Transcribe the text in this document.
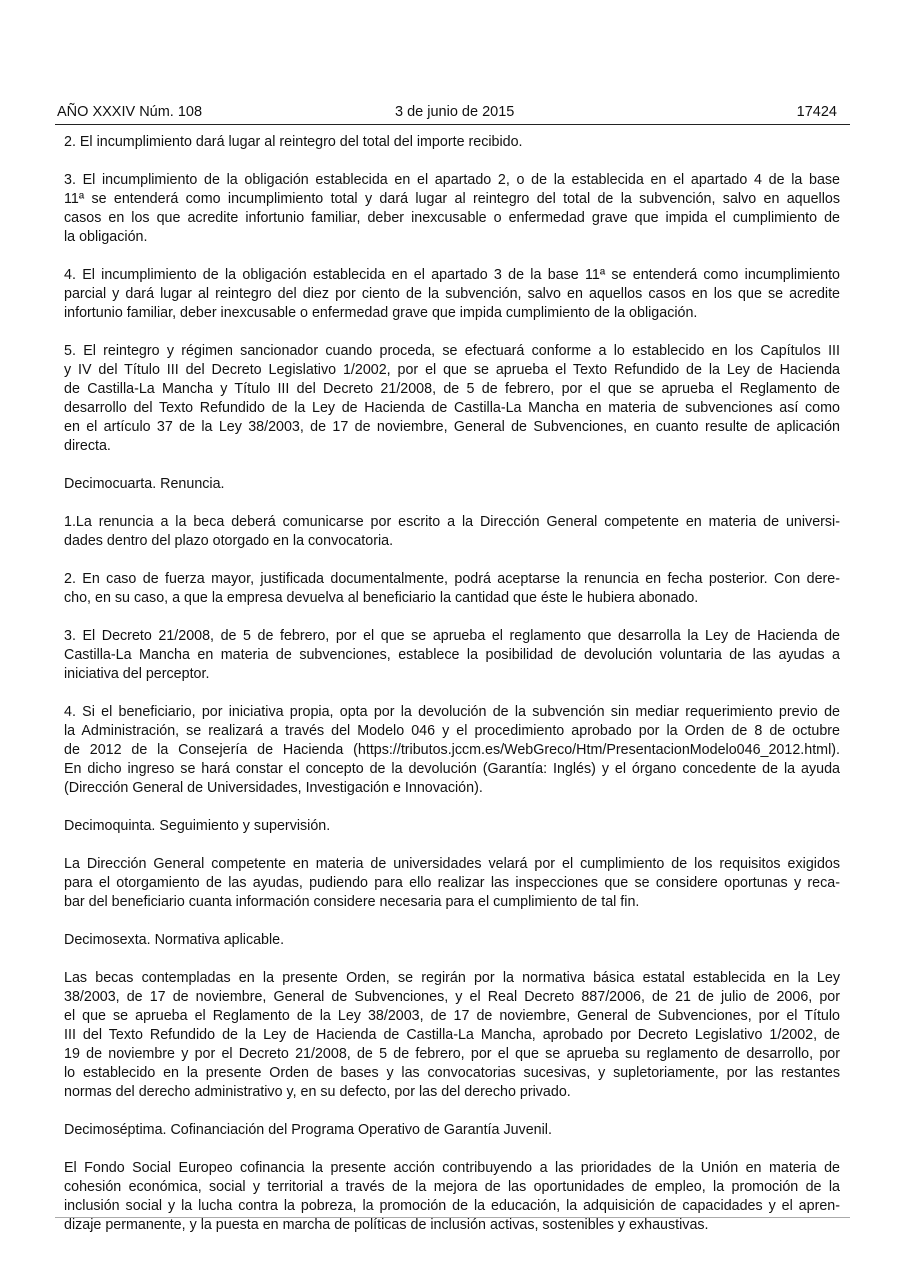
AÑO XXXIV Núm. 108	3 de junio de 2015	17424
2. El incumplimiento dará lugar al reintegro del total del importe recibido.
3. El incumplimiento de la obligación establecida en el apartado 2, o de la establecida en el apartado 4 de la base
11ª se entenderá como incumplimiento total y dará lugar al reintegro del total de la subvención, salvo en aquellos
casos en los que acredite infortunio familiar, deber inexcusable o enfermedad grave que impida el cumplimiento de
la obligación.
4. El incumplimiento de la obligación establecida en el apartado 3 de la base 11ª se entenderá como incumplimiento
parcial y dará lugar al reintegro del diez por ciento de la subvención, salvo en aquellos casos en los que se acredite
infortunio familiar, deber inexcusable o enfermedad grave que impida cumplimiento de la obligación.
5. El reintegro y régimen sancionador cuando proceda, se efectuará conforme a lo establecido en los Capítulos III
y IV del Título III del Decreto Legislativo 1/2002, por el que se aprueba el Texto Refundido de la Ley de Hacienda
de Castilla-La Mancha y Título III del Decreto 21/2008, de 5 de febrero, por el que se aprueba el Reglamento de
desarrollo del Texto Refundido de la Ley de Hacienda de Castilla-La Mancha en materia de subvenciones así como
en el artículo 37 de la Ley 38/2003, de 17 de noviembre, General de Subvenciones, en cuanto resulte de aplicación
directa.
Decimocuarta. Renuncia.
1.La renuncia a la beca deberá comunicarse por escrito a la Dirección General competente en materia de universi-
dades dentro del plazo otorgado en la convocatoria.
2. En caso de fuerza mayor, justificada documentalmente, podrá aceptarse la renuncia en fecha posterior. Con dere-
cho, en su caso, a que la empresa devuelva al beneficiario la cantidad que éste le hubiera abonado.
3. El Decreto 21/2008, de 5 de febrero, por el que se aprueba el reglamento que desarrolla la Ley de Hacienda de
Castilla-La Mancha en materia de subvenciones, establece la posibilidad de devolución voluntaria de las ayudas a
iniciativa del perceptor.
4. Si el beneficiario, por iniciativa propia, opta por la devolución de la subvención sin mediar requerimiento previo de
la Administración, se realizará a través del Modelo 046 y el procedimiento aprobado por la Orden de 8 de octubre
de 2012 de la Consejería de Hacienda (https://tributos.jccm.es/WebGreco/Htm/PresentacionModelo046_2012.html).
En dicho ingreso se hará constar el concepto de la devolución (Garantía: Inglés) y el órgano concedente de la ayuda
(Dirección General de Universidades, Investigación e Innovación).
Decimoquinta. Seguimiento y supervisión.
La Dirección General competente en materia de universidades velará por el cumplimiento de los requisitos exigidos
para el otorgamiento de las ayudas, pudiendo para ello realizar las inspecciones que se considere oportunas y reca-
bar del beneficiario cuanta información considere necesaria para el cumplimiento de tal fin.
Decimosexta. Normativa aplicable.
Las becas contempladas en la presente Orden, se regirán por la normativa básica estatal establecida en la Ley
38/2003, de 17 de noviembre, General de Subvenciones, y el Real Decreto 887/2006, de 21 de julio de 2006, por
el que se aprueba el Reglamento de la Ley 38/2003, de 17 de noviembre, General de Subvenciones, por el Título
III del Texto Refundido de la Ley de Hacienda de Castilla-La Mancha, aprobado por Decreto Legislativo 1/2002, de
19 de noviembre y por el Decreto 21/2008, de 5 de febrero, por el que se aprueba su reglamento de desarrollo, por
lo establecido en la presente Orden de bases y las convocatorias sucesivas, y supletoriamente, por las restantes
normas del derecho administrativo y, en su defecto, por las del derecho privado.
Decimoséptima. Cofinanciación del Programa Operativo de Garantía Juvenil.
El Fondo Social Europeo cofinancia la presente acción contribuyendo a las prioridades de la Unión en materia de
cohesión económica, social y territorial a través de la mejora de las oportunidades de empleo, la promoción de la
inclusión social y la lucha contra la pobreza, la promoción de la educación, la adquisición de capacidades y el apren-
dizaje permanente, y la puesta en marcha de políticas de inclusión activas, sostenibles y exhaustivas.
